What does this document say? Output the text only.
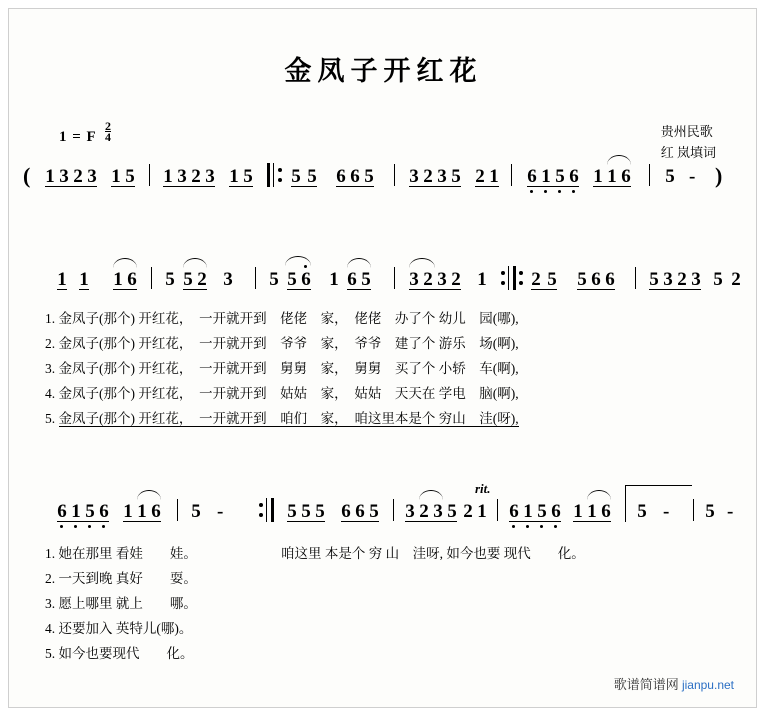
金凤子开红花
1 = F $\frac{2}{4}$	贵州民歌
红 岚填词
( 1 3 2 3 1 5 1 3 2 3 1 5 5 5 6 6 5 3 2 3 5 2 1 6 1 5 6 1 1 6 5 - )
1 1 1 6 5 5 2 3 5 5 6 1 6 5 3 2 3 2 1 2 5 5 6 6 5 3 2 3 5 2
1. 金凤子(那个) 开红花，　一开就开到　佬佬　家，　佬佬　办了个 幼儿　园(哪),
2. 金凤子(那个) 开红花，　一开就开到　爷爷　家，　爷爷　建了个 游乐　场(啊),
3. 金凤子(那个) 开红花，　一开就开到　舅舅　家，　舅舅　买了个 小轿　车(啊),
4. 金凤子(那个) 开红花，　一开就开到　姑姑　家，　姑姑　天天在 学电　脑(啊),
5. 金凤子(那个) 开红花，　一开就开到　咱们　家，　咱这里本是个 穷山　洼(呀),
rit.
6 1 5 6 1 1 6 5 -	5 5 5 6 6 5 3 2 3 5 2 1 6 1 5 6 1 1 6 5 - 5 -
咱这里 本是个 穷 山　洼呀, 如今也要 现代　　化。
1. 她在那里 看娃　　娃。
2. 一天到晚 真好　　耍。
3. 愿上哪里 就上　　哪。
4. 还要加入 英特儿(哪)。
5. 如今也要现代　　化。
歌谱简谱网 jianpu.net
